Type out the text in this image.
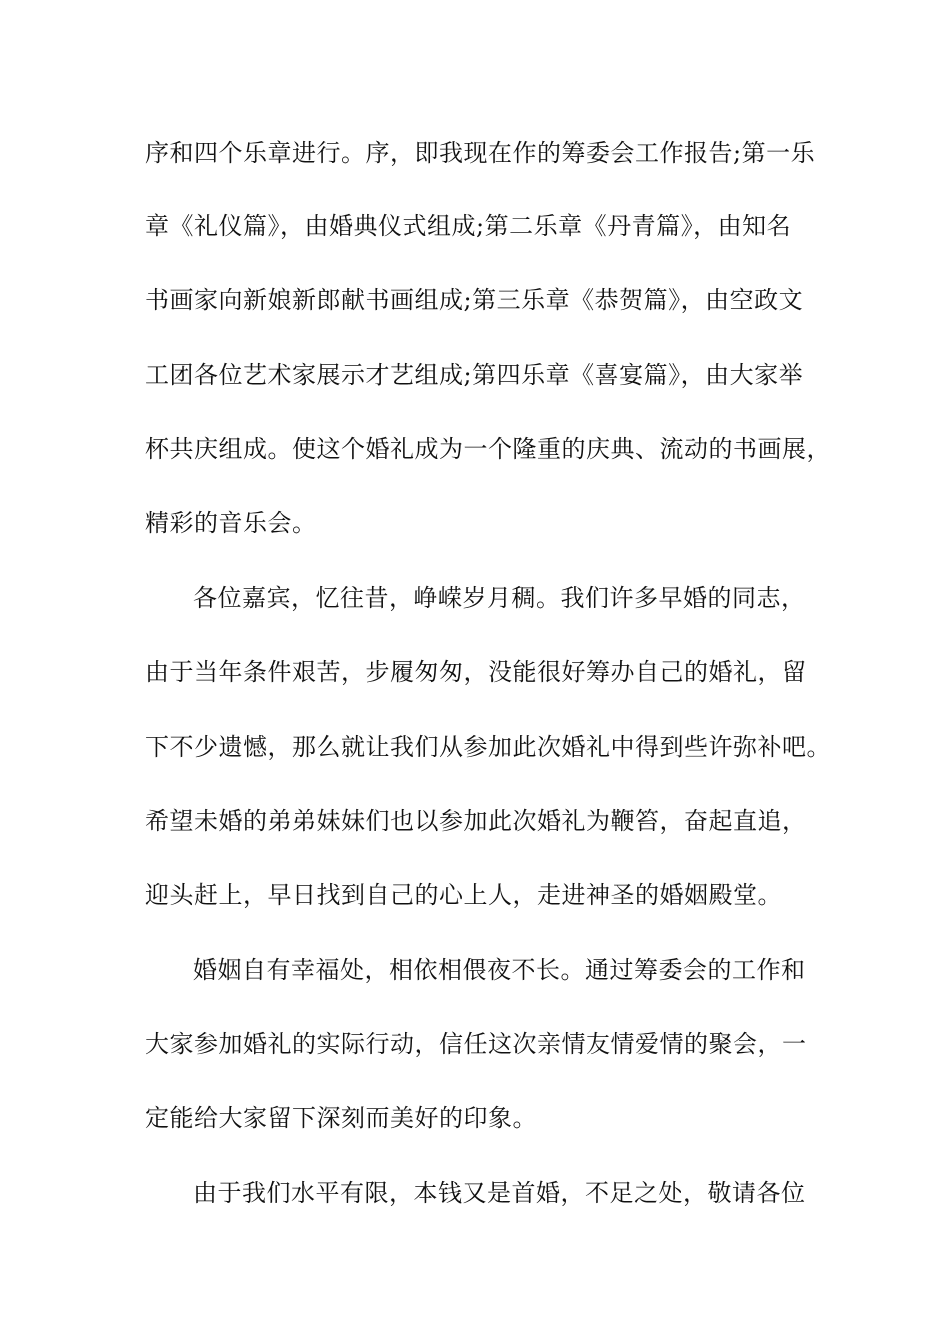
序和四个乐章进行。序，即我现在作的筹委会工作报告;第一乐
章《礼仪篇》，由婚典仪式组成;第二乐章《丹青篇》，由知名
书画家向新娘新郎献书画组成;第三乐章《恭贺篇》，由空政文
工团各位艺术家展示才艺组成;第四乐章《喜宴篇》，由大家举
杯共庆组成。使这个婚礼成为一个隆重的庆典、流动的书画展，
精彩的音乐会。
各位嘉宾，忆往昔，峥嵘岁月稠。我们许多早婚的同志，
由于当年条件艰苦，步履匆匆，没能很好筹办自己的婚礼，留
下不少遗憾，那么就让我们从参加此次婚礼中得到些许弥补吧。
希望未婚的弟弟妹妹们也以参加此次婚礼为鞭笞，奋起直追，
迎头赶上，早日找到自己的心上人，走进神圣的婚姻殿堂。
婚姻自有幸福处，相依相偎夜不长。通过筹委会的工作和
大家参加婚礼的实际行动，信任这次亲情友情爱情的聚会，一
定能给大家留下深刻而美好的印象。
由于我们水平有限，本钱又是首婚，不足之处，敬请各位
